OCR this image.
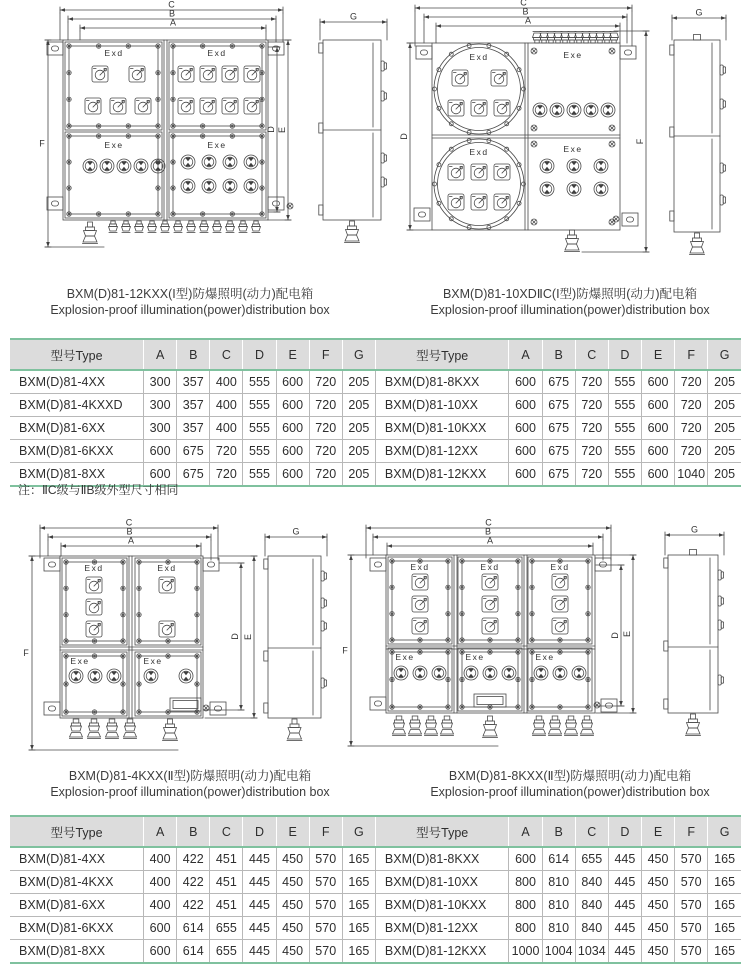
C
B
A
Exd	Exd
Exe	Exe
F
D E
G
C
B
A
Exd
Exd
Exe
Exe
D
F
G
BXM(D)81-12KXX(I型)防爆照明(动力)配电箱
Explosion-proof illumination(power)distribution box
BXM(D)81-10XDⅡC(I型)防爆照明(动力)配电箱
Explosion-proof illumination(power)distribution box
型号Type	A	B	C	D	E	F	G	型号Type	A	B	C	D	E	F	G
BXM(D)81-4XX	300	357	400	555	600	720	205	BXM(D)81-8KXX	600	675	720	555	600	720	205
BXM(D)81-4KXXD	300	357	400	555	600	720	205	BXM(D)81-10XX	600	675	720	555	600	720	205
BXM(D)81-6XX	300	357	400	555	600	720	205	BXM(D)81-10KXX	600	675	720	555	600	720	205
BXM(D)81-6KXX	600	675	720	555	600	720	205	BXM(D)81-12XX	600	675	720	555	600	720	205
BXM(D)81-8XX	600	675	720	555	600	720	205	BXM(D)81-12KXX	600	675	720	555	600	1040	205
注：ⅡC级与ⅡB级外型尺寸相同
C
B
A
Exd	Exd
Exe	Exe
F
D E
G
C
B
A
Exd	Exd	Exd
Exe	Exe	Exe
F
D E
G
BXM(D)81-4KXX(Ⅱ型)防爆照明(动力)配电箱
Explosion-proof illumination(power)distribution box
BXM(D)81-8KXX(Ⅱ型)防爆照明(动力)配电箱
Explosion-proof illumination(power)distribution box
型号Type	A	B	C	D	E	F	G	型号Type	A	B	C	D	E	F	G
BXM(D)81-4XX	400	422	451	445	450	570	165	BXM(D)81-8KXX	600	614	655	445	450	570	165
BXM(D)81-4KXX	400	422	451	445	450	570	165	BXM(D)81-10XX	800	810	840	445	450	570	165
BXM(D)81-6XX	400	422	451	445	450	570	165	BXM(D)81-10KXX	800	810	840	445	450	570	165
BXM(D)81-6KXX	600	614	655	445	450	570	165	BXM(D)81-12XX	800	810	840	445	450	570	165
BXM(D)81-8XX	600	614	655	445	450	570	165	BXM(D)81-12KXX	1000	1004	1034	445	450	570	165
